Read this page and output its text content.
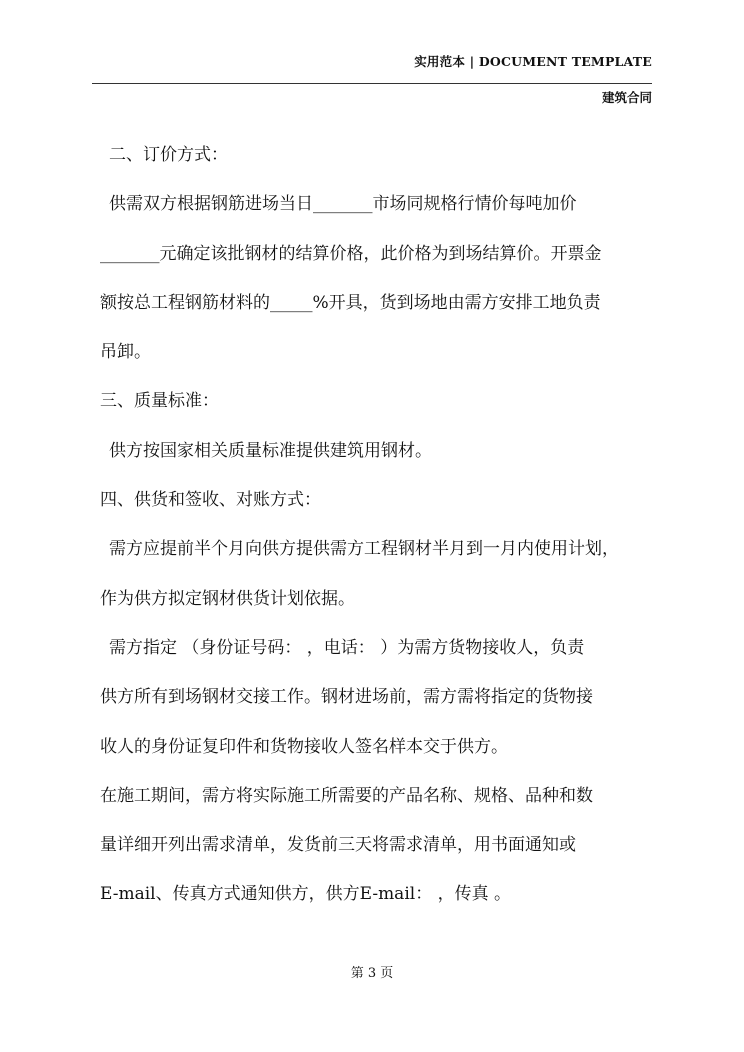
实用范本 | DOCUMENT TEMPLATE
建筑合同

二、订价方式：

供需双方根据钢筋进场当日_______市场同规格行情价每吨加价

_______元确定该批钢材的结算价格，此价格为到场结算价。开票金

额按总工程钢筋材料的_____%开具，货到场地由需方安排工地负责

吊卸。

三、质量标准：

供方按国家相关质量标准提供建筑用钢材。

四、供货和签收、对账方式：

需方应提前半个月向供方提供需方工程钢材半月到一月内使用计划，

作为供方拟定钢材供货计划依据。

需方指定 （身份证号码： ，电话： ）为需方货物接收人，负责

供方所有到场钢材交接工作。钢材进场前，需方需将指定的货物接

收人的身份证复印件和货物接收人签名样本交于供方。

在施工期间，需方将实际施工所需要的产品名称、规格、品种和数

量详细开列出需求清单，发货前三天将需求清单，用书面通知或

E-mail、传真方式通知供方，供方E-mail： ，传真 。

第 3 页
